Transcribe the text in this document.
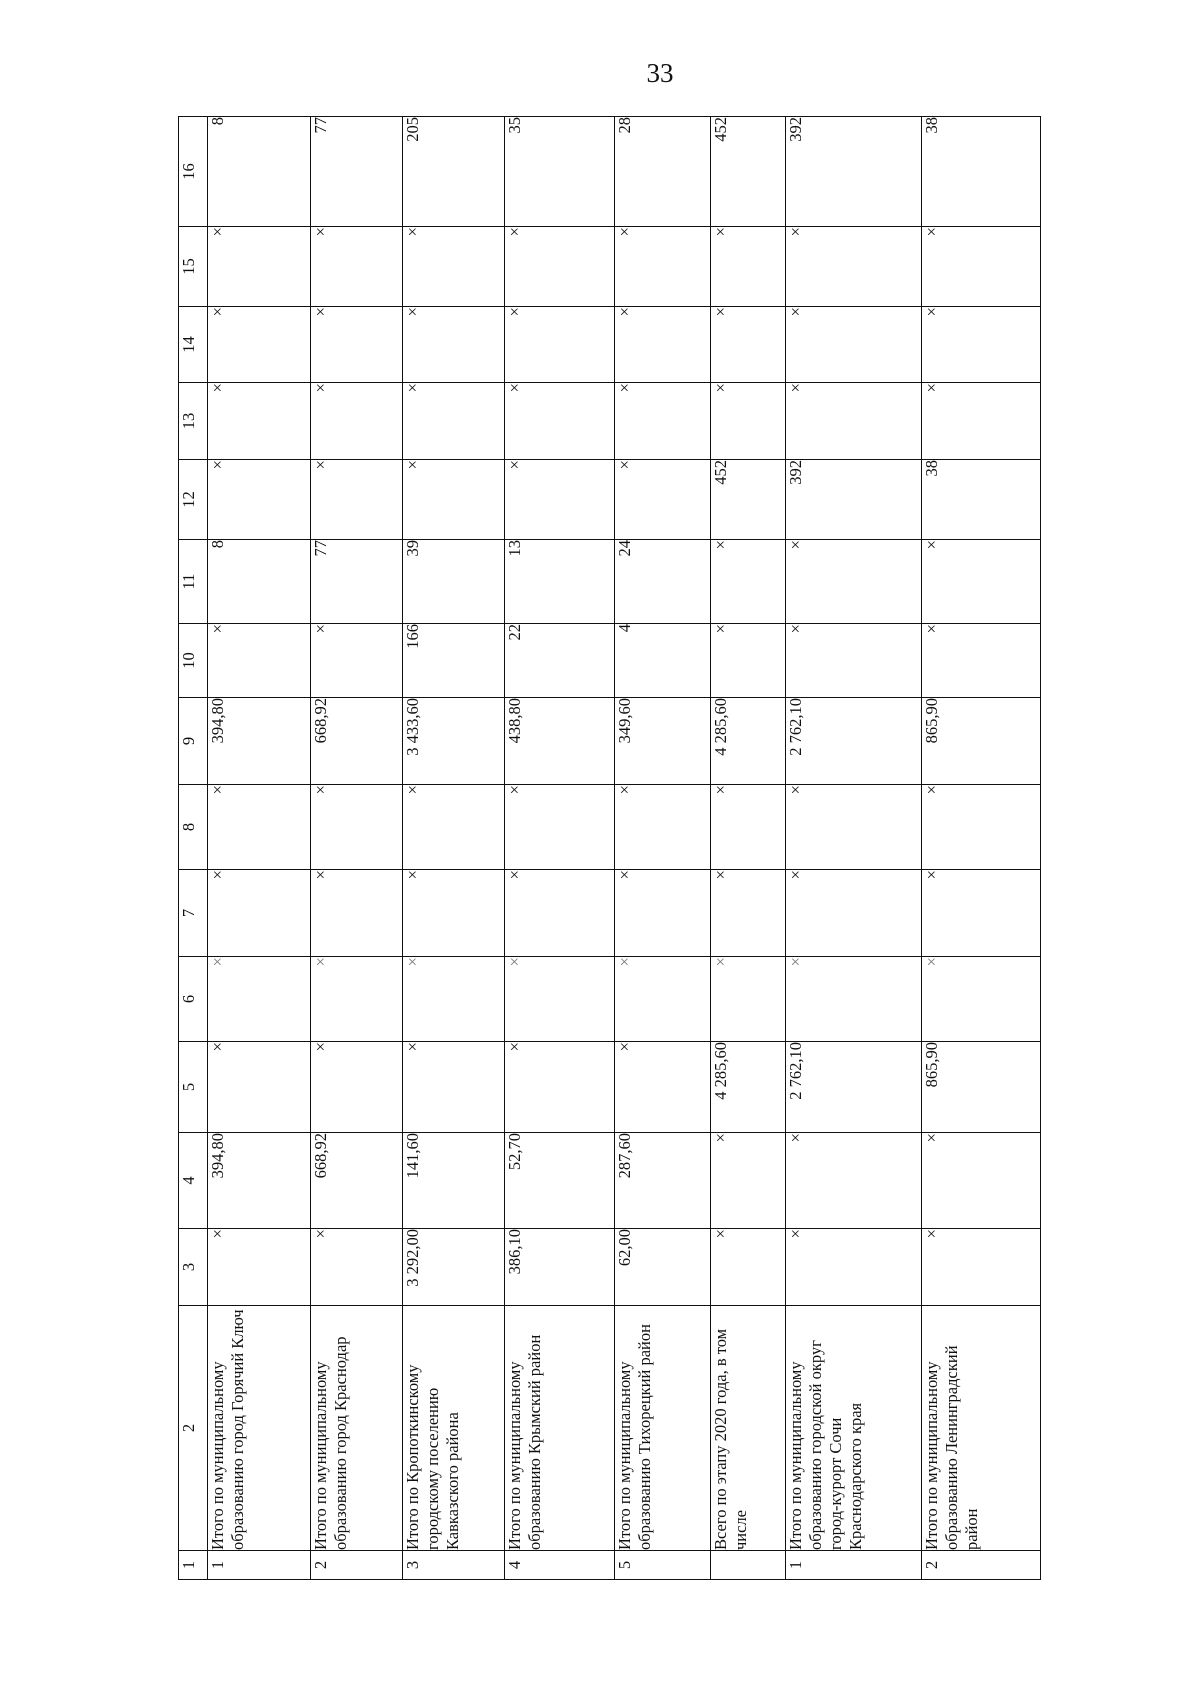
33
1	2	3	4	5	6	7	8	9	10	11	12	13	14	15	16
1	Итого по муниципальному образованию город Горячий Ключ	×	394,80	×	×	×	×	394,80	×	8	×	×	×	×	8
2	Итого по муниципальному образованию город Краснодар	×	668,92	×	×	×	×	668,92	×	77	×	×	×	×	77
3	Итого по Кропоткинскому городскому поселению Кавказского района	3 292,00	141,60	×	×	×	×	3 433,60	166	39	×	×	×	×	205
4	Итого по муниципальному образованию Крымский район	386,10	52,70	×	×	×	×	438,80	22	13	×	×	×	×	35
5	Итого по муниципальному образованию Тихорецкий район	62,00	287,60	×	×	×	×	349,60	4	24	×	×	×	×	28
	Всего по этапу 2020 года, в том числе	×	×	4 285,60	×	×	×	4 285,60	×	×	452	×	×	×	452
1	Итого по муниципальному образованию городской округ город-курорт Сочи Краснодарского края	×	×	2 762,10	×	×	×	2 762,10	×	×	392	×	×	×	392
2	Итого по муниципальному образованию Ленинградский район	×	×	865,90	×	×	×	865,90	×	×	38	×	×	×	38
